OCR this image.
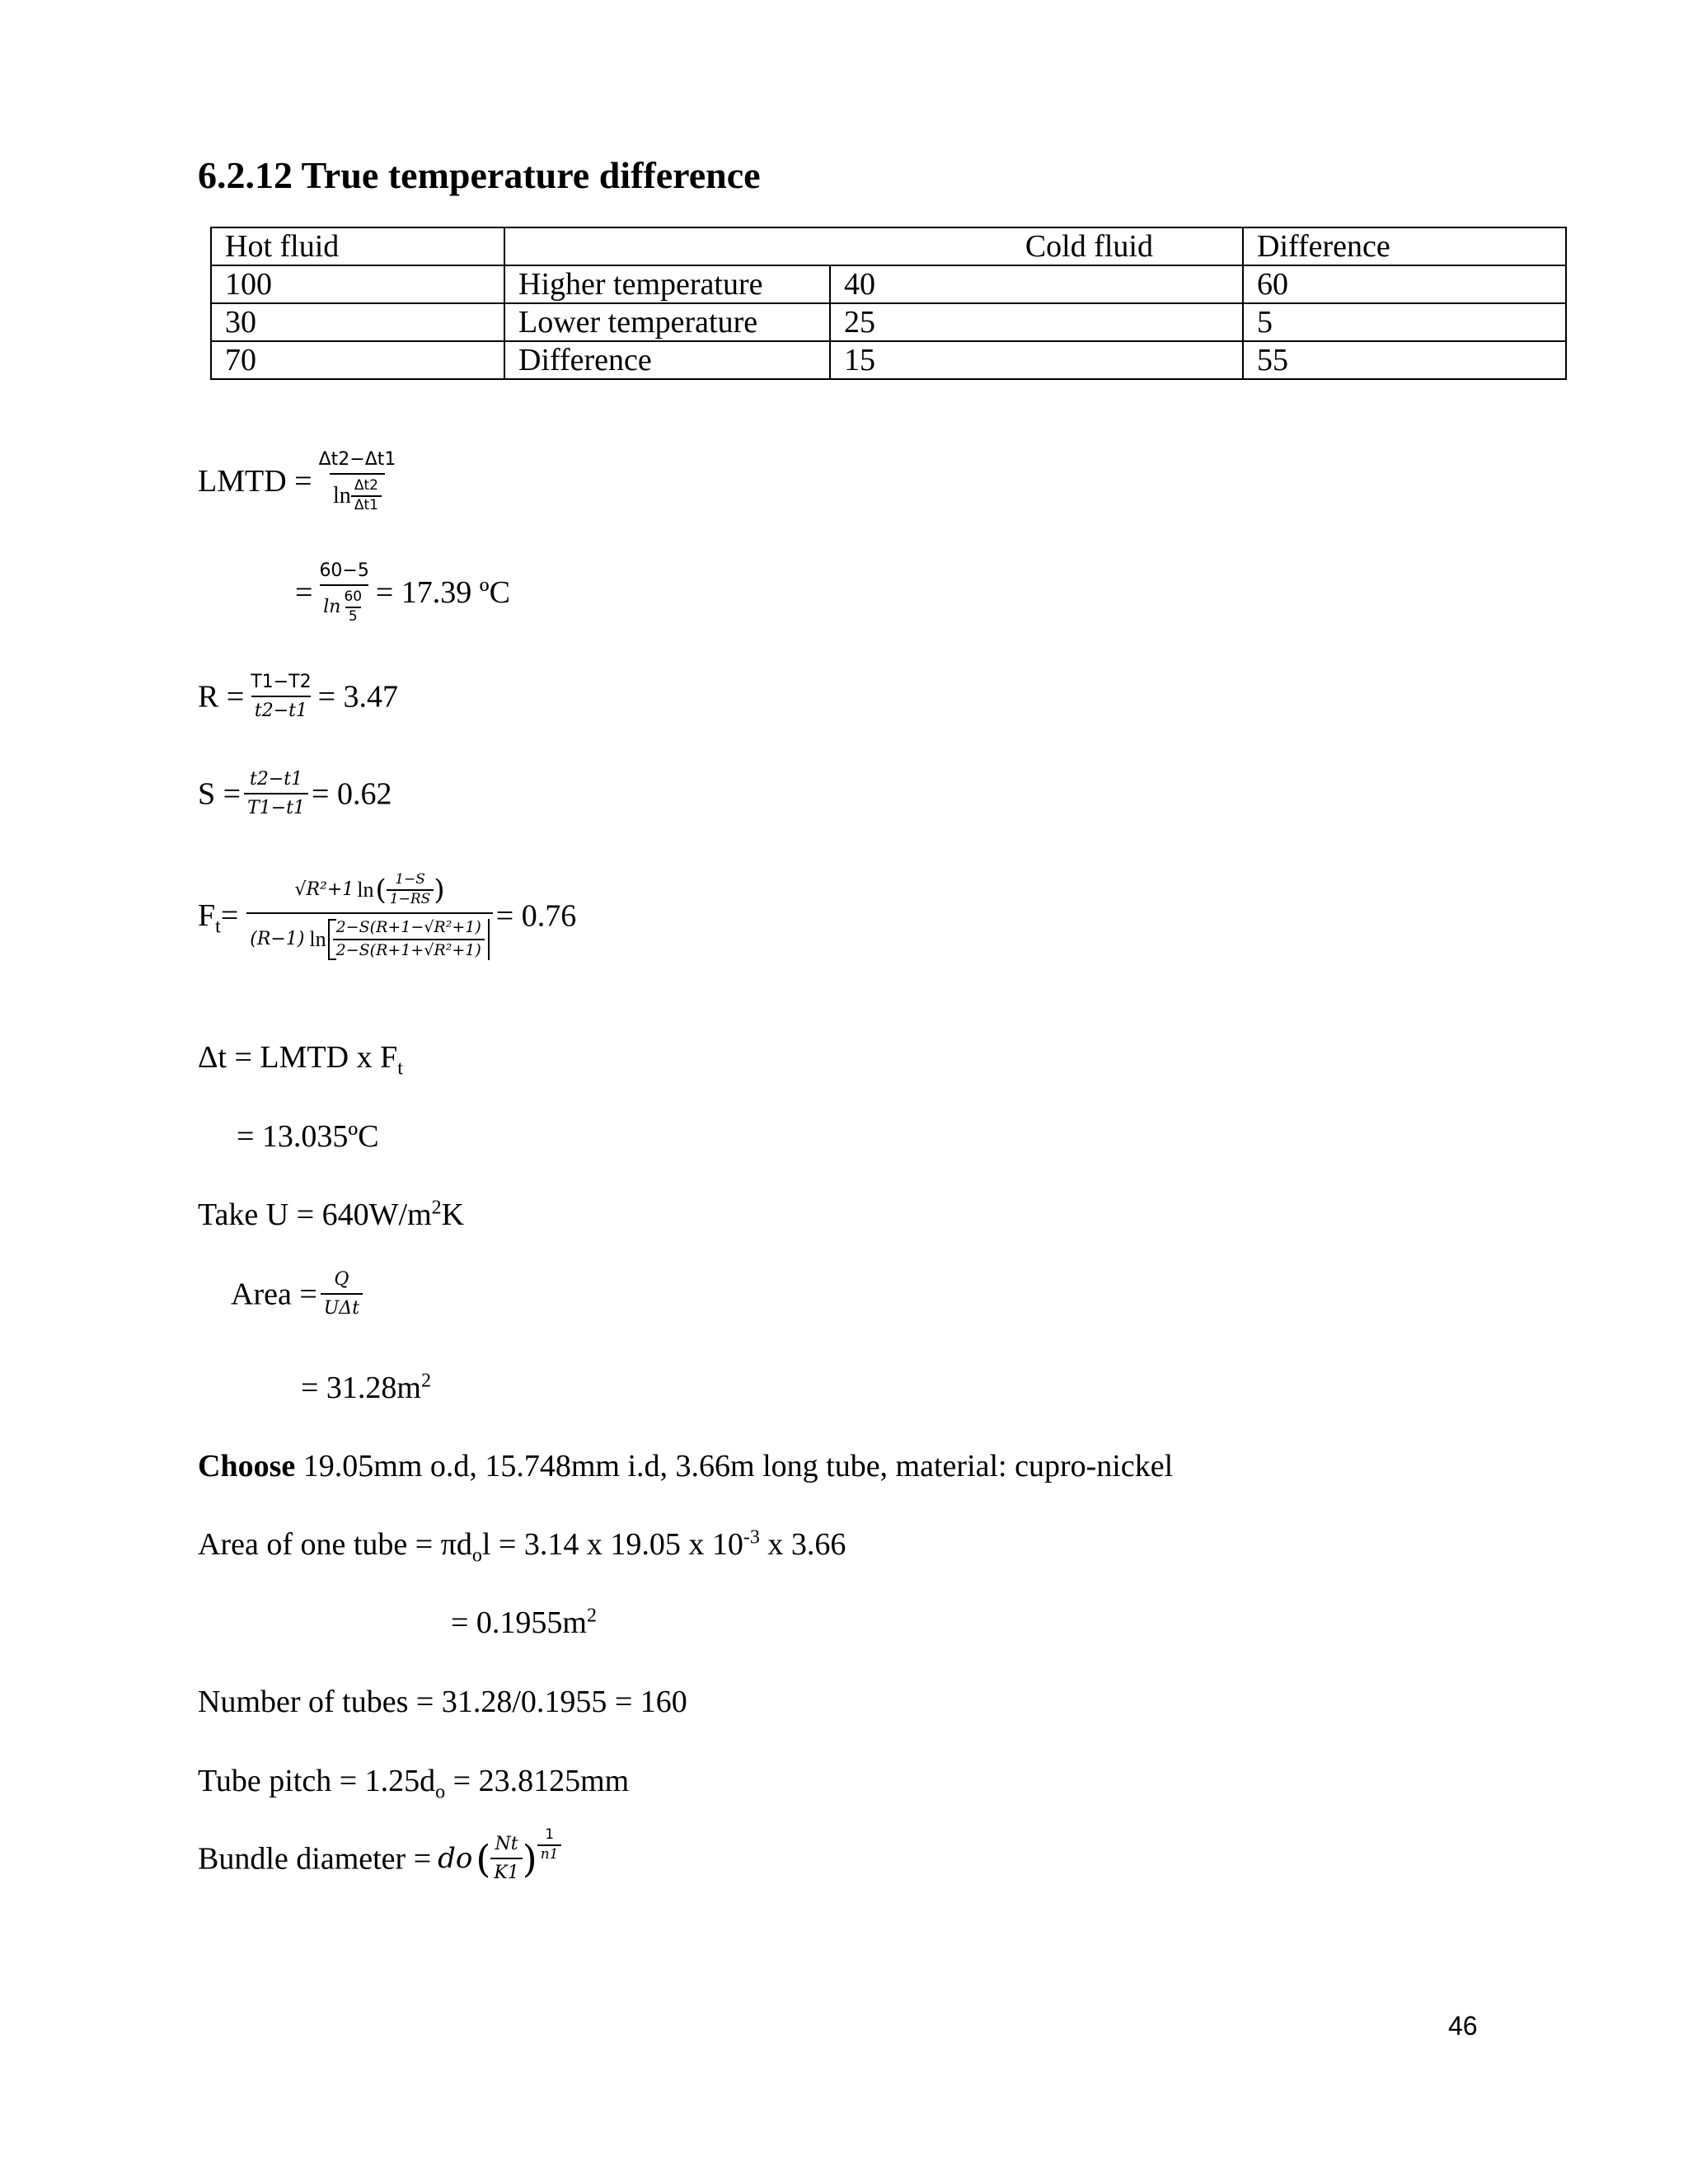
6.2.12 True temperature difference
Hot fluid		Cold fluid	Difference
100	Higher temperature	40	60
30	Lower temperature	25	5
70	Difference	15	55
LMTD = $\frac{\Delta t2-\Delta t1}{\ln \frac{\Delta t2}{\Delta t1}}$
= $\frac{60-5}{\ln \frac{60}{5}} = 17.39$ ºC
$R = \frac{T1-T2}{t2-t1} = 3.47$
$S = \frac{t2-t1}{T1-t1} = 0.62$
$F_t=$
√R²+1 ln ( $\frac{1-S}{1-RS}$ )
(R−1) $\ln \frac{\text{2−S(R+1−√R²+1)}}{\text{2−S(R+1+√R²+1)}}$
= 0.76
Δt = LMTD x $F_t$
= 13.035ºC
Take $U = 640W/m^2K$
Area = $\frac{Q}{\text{UΔt}}$
= $31.28m^2$
Choose 19.05mm o.d, 15.748mm i.d, 3.66m long tube, material: cupro-nickel
Area of one tube = $\pi d_ol = 3.14$ x 19.05 x $10^{-3}$ x 3.66
= $0.1955m^2$
Number of tubes = 31.28/0.1955 = 160
Tube pitch = $1.25d_o = 23.8125mm$
Bundle diameter = do ( $\frac{Nt}{K1}$ ) $\frac{1}{n1}$
46
